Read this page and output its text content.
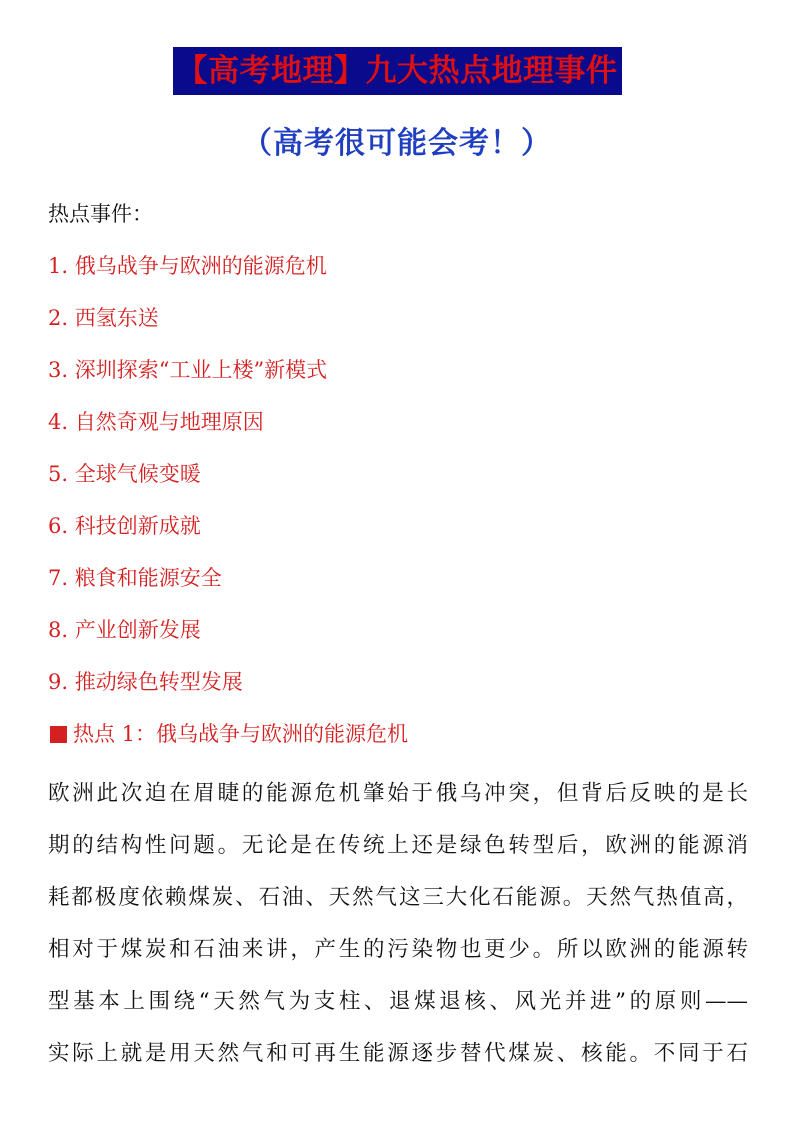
【高考地理】九大热点地理事件
（高考很可能会考！）
热点事件：
1. 俄乌战争与欧洲的能源危机
2. 西氢东送
3. 深圳探索“工业上楼”新模式
4. 自然奇观与地理原因
5. 全球气候变暖
6. 科技创新成就
7. 粮食和能源安全
8. 产业创新发展
9. 推动绿色转型发展
热点 1：俄乌战争与欧洲的能源危机
欧洲此次迫在眉睫的能源危机肇始于俄乌冲突，但背后反映的是长
期的结构性问题。无论是在传统上还是绿色转型后，欧洲的能源消
耗都极度依赖煤炭、石油、天然气这三大化石能源。天然气热值高，
相对于煤炭和石油来讲，产生的污染物也更少。所以欧洲的能源转
型基本上围绕“天然气为支柱、退煤退核、风光并进”的原则——
实际上就是用天然气和可再生能源逐步替代煤炭、核能。不同于石
